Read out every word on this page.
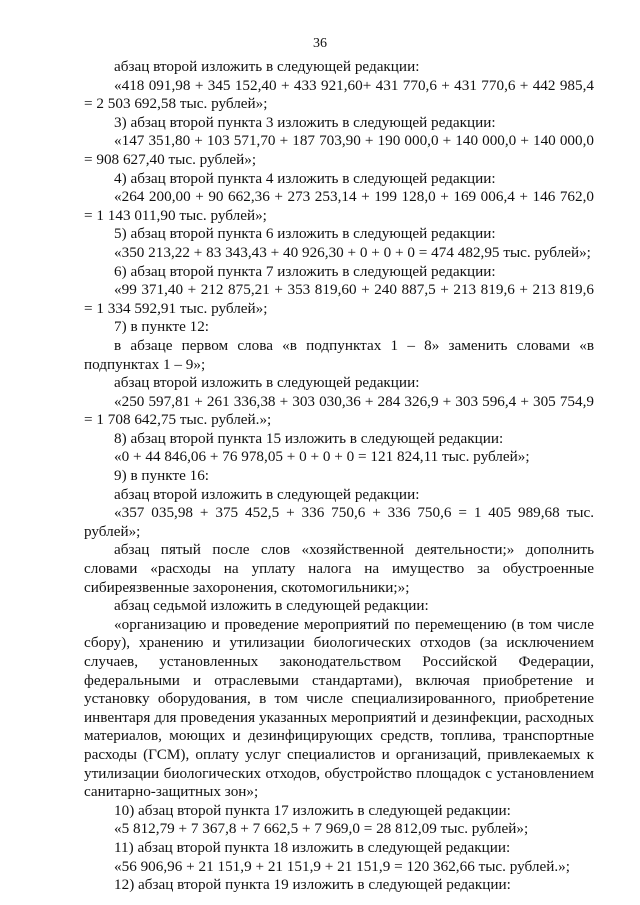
36

абзац второй изложить в следующей редакции:

«418 091,98 + 345 152,40 + 433 921,60+ 431 770,6 + 431 770,6 + 442 985,4 = 2 503 692,58 тыс. рублей»;

3) абзац второй пункта 3 изложить в следующей редакции:

«147 351,80 + 103 571,70 + 187 703,90 + 190 000,0 + 140 000,0 + 140 000,0 = 908 627,40 тыс. рублей»;

4) абзац второй пункта 4 изложить в следующей редакции:

«264 200,00 + 90 662,36 + 273 253,14 + 199 128,0 + 169 006,4 + 146 762,0 = 1 143 011,90 тыс. рублей»;

5) абзац второй пункта 6 изложить в следующей редакции:

«350 213,22 + 83 343,43 + 40 926,30 + 0 + 0 + 0 = 474 482,95 тыс. рублей»;

6) абзац второй пункта 7 изложить в следующей редакции:

«99 371,40 + 212 875,21 + 353 819,60 + 240 887,5 + 213 819,6 + 213 819,6 = 1 334 592,91 тыс. рублей»;

7) в пункте 12:

в абзаце первом слова «в подпунктах 1 – 8» заменить словами «в подпунктах 1 – 9»;

абзац второй изложить в следующей редакции:

«250 597,81 + 261 336,38 + 303 030,36 + 284 326,9 + 303 596,4 + 305 754,9 = 1 708 642,75 тыс. рублей.»;

8) абзац второй пункта 15 изложить в следующей редакции:

«0 + 44 846,06 + 76 978,05 + 0 + 0 + 0 = 121 824,11 тыс. рублей»;

9) в пункте 16:

абзац второй изложить в следующей редакции:

«357 035,98 + 375 452,5 + 336 750,6 + 336 750,6 = 1 405 989,68 тыс. рублей»;

абзац пятый после слов «хозяйственной деятельности;» дополнить словами «расходы на уплату налога на имущество за обустроенные сибиреязвенные захоронения, скотомогильники;»;

абзац седьмой изложить в следующей редакции:

«организацию и проведение мероприятий по перемещению (в том числе сбору), хранению и утилизации биологических отходов (за исключением случаев, установленных законодательством Российской Федерации, федеральными и отраслевыми стандартами), включая приобретение и установку оборудования, в том числе специализированного, приобретение инвентаря для проведения указанных мероприятий и дезинфекции, расходных материалов, моющих и дезинфицирующих средств, топлива, транспортные расходы (ГСМ), оплату услуг специалистов и организаций, привлекаемых к утилизации биологических отходов, обустройство площадок с установлением санитарно-защитных зон»;

10) абзац второй пункта 17 изложить в следующей редакции:

«5 812,79 + 7 367,8 + 7 662,5 + 7 969,0 = 28 812,09 тыс. рублей»;

11) абзац второй пункта 18 изложить в следующей редакции:

«56 906,96 + 21 151,9 + 21 151,9 + 21 151,9 = 120 362,66 тыс. рублей.»;

12) абзац второй пункта 19 изложить в следующей редакции:
